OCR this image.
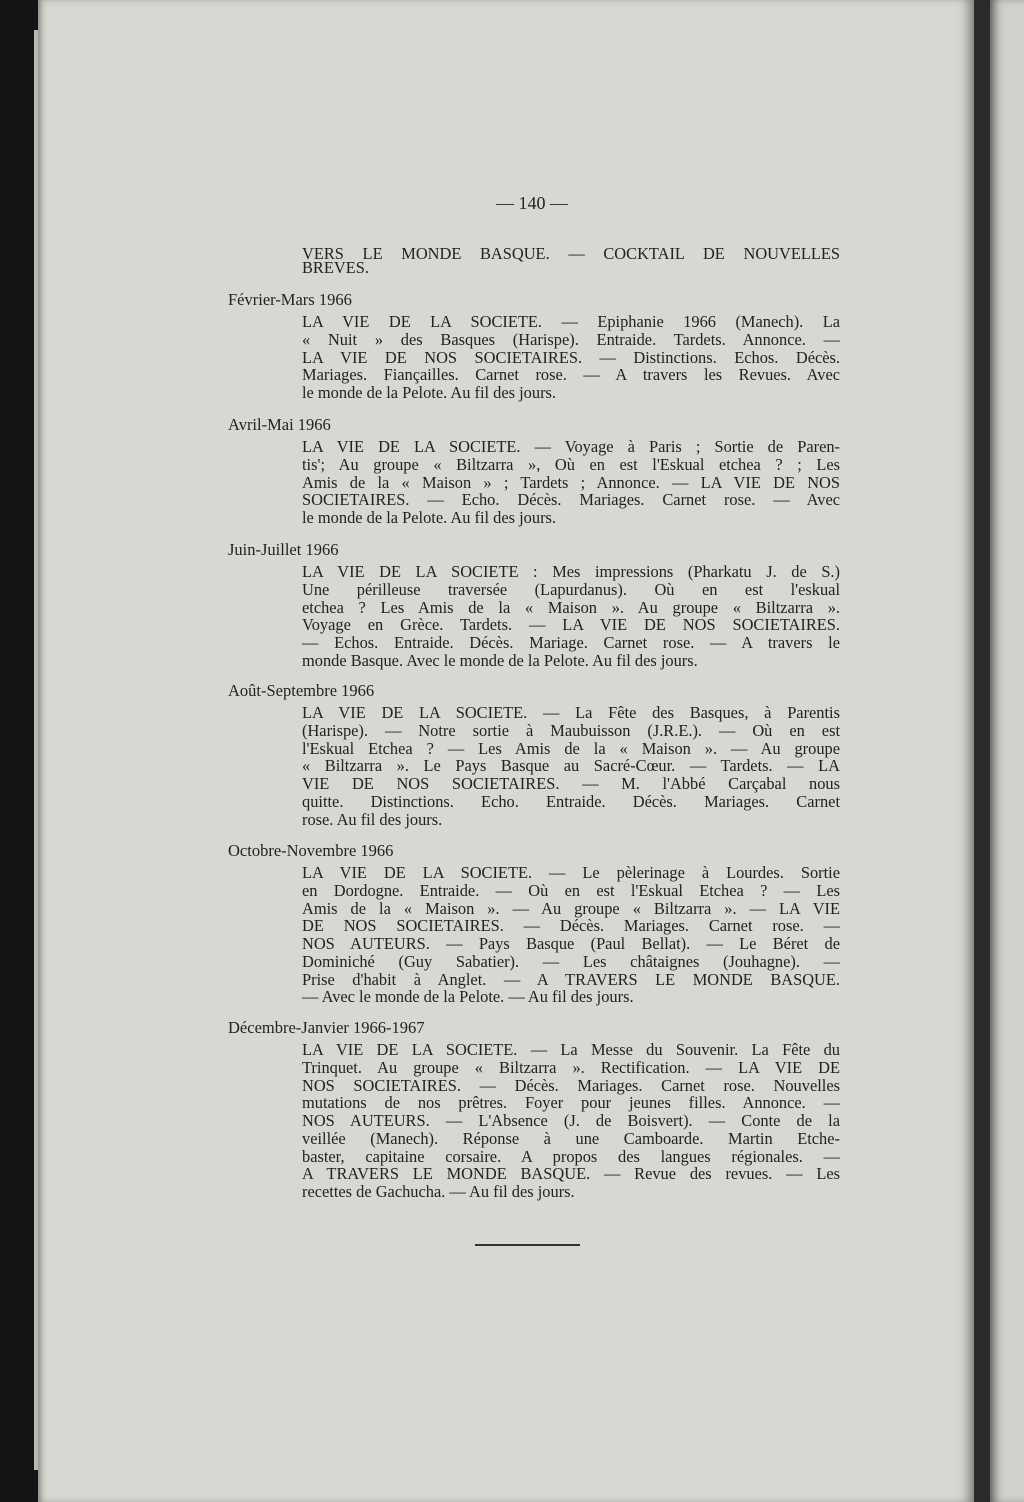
— 140 —
VERS LE MONDE BASQUE. — COCKTAIL DE NOUVELLES
BREVES.
Février-Mars 1966
LA VIE DE LA SOCIETE. — Epiphanie 1966 (Manech). La
« Nuit » des Basques (Harispe). Entraide. Tardets. Annonce. —
LA VIE DE NOS SOCIETAIRES. — Distinctions. Echos. Décès.
Mariages. Fiançailles. Carnet rose. — A travers les Revues. Avec
le monde de la Pelote. Au fil des jours.
Avril-Mai 1966
LA VIE DE LA SOCIETE. — Voyage à Paris ; Sortie de Paren-
tis'; Au groupe « Biltzarra », Où en est l'Eskual etchea ? ; Les
Amis de la « Maison » ; Tardets ; Annonce. — LA VIE DE NOS
SOCIETAIRES. — Echo. Décès. Mariages. Carnet rose. — Avec
le monde de la Pelote. Au fil des jours.
Juin-Juillet 1966
LA VIE DE LA SOCIETE : Mes impressions (Pharkatu J. de S.)
Une périlleuse traversée (Lapurdanus). Où en est l'eskual
etchea ? Les Amis de la « Maison ». Au groupe « Biltzarra ».
Voyage en Grèce. Tardets. — LA VIE DE NOS SOCIETAIRES.
— Echos. Entraide. Décès. Mariage. Carnet rose. — A travers le
monde Basque. Avec le monde de la Pelote. Au fil des jours.
Août-Septembre 1966
LA VIE DE LA SOCIETE. — La Fête des Basques, à Parentis
(Harispe). — Notre sortie à Maubuisson (J.R.E.). — Où en est
l'Eskual Etchea ? — Les Amis de la « Maison ». — Au groupe
« Biltzarra ». Le Pays Basque au Sacré-Cœur. — Tardets. — LA
VIE DE NOS SOCIETAIRES. — M. l'Abbé Carçabal nous
quitte. Distinctions. Echo. Entraide. Décès. Mariages. Carnet
rose. Au fil des jours.
Octobre-Novembre 1966
LA VIE DE LA SOCIETE. — Le pèlerinage à Lourdes. Sortie
en Dordogne. Entraide. — Où en est l'Eskual Etchea ? — Les
Amis de la « Maison ». — Au groupe « Biltzarra ». — LA VIE
DE NOS SOCIETAIRES. — Décès. Mariages. Carnet rose. —
NOS AUTEURS. — Pays Basque (Paul Bellat). — Le Béret de
Dominiché (Guy Sabatier). — Les châtaignes (Jouhagne). —
Prise d'habit à Anglet. — A TRAVERS LE MONDE BASQUE.
— Avec le monde de la Pelote. — Au fil des jours.
Décembre-Janvier 1966-1967
LA VIE DE LA SOCIETE. — La Messe du Souvenir. La Fête du
Trinquet. Au groupe « Biltzarra ». Rectification. — LA VIE DE
NOS SOCIETAIRES. — Décès. Mariages. Carnet rose. Nouvelles
mutations de nos prêtres. Foyer pour jeunes filles. Annonce. —
NOS AUTEURS. — L'Absence (J. de Boisvert). — Conte de la
veillée (Manech). Réponse à une Camboarde. Martin Etche-
baster, capitaine corsaire. A propos des langues régionales. —
A TRAVERS LE MONDE BASQUE. — Revue des revues. — Les
recettes de Gachucha. — Au fil des jours.
